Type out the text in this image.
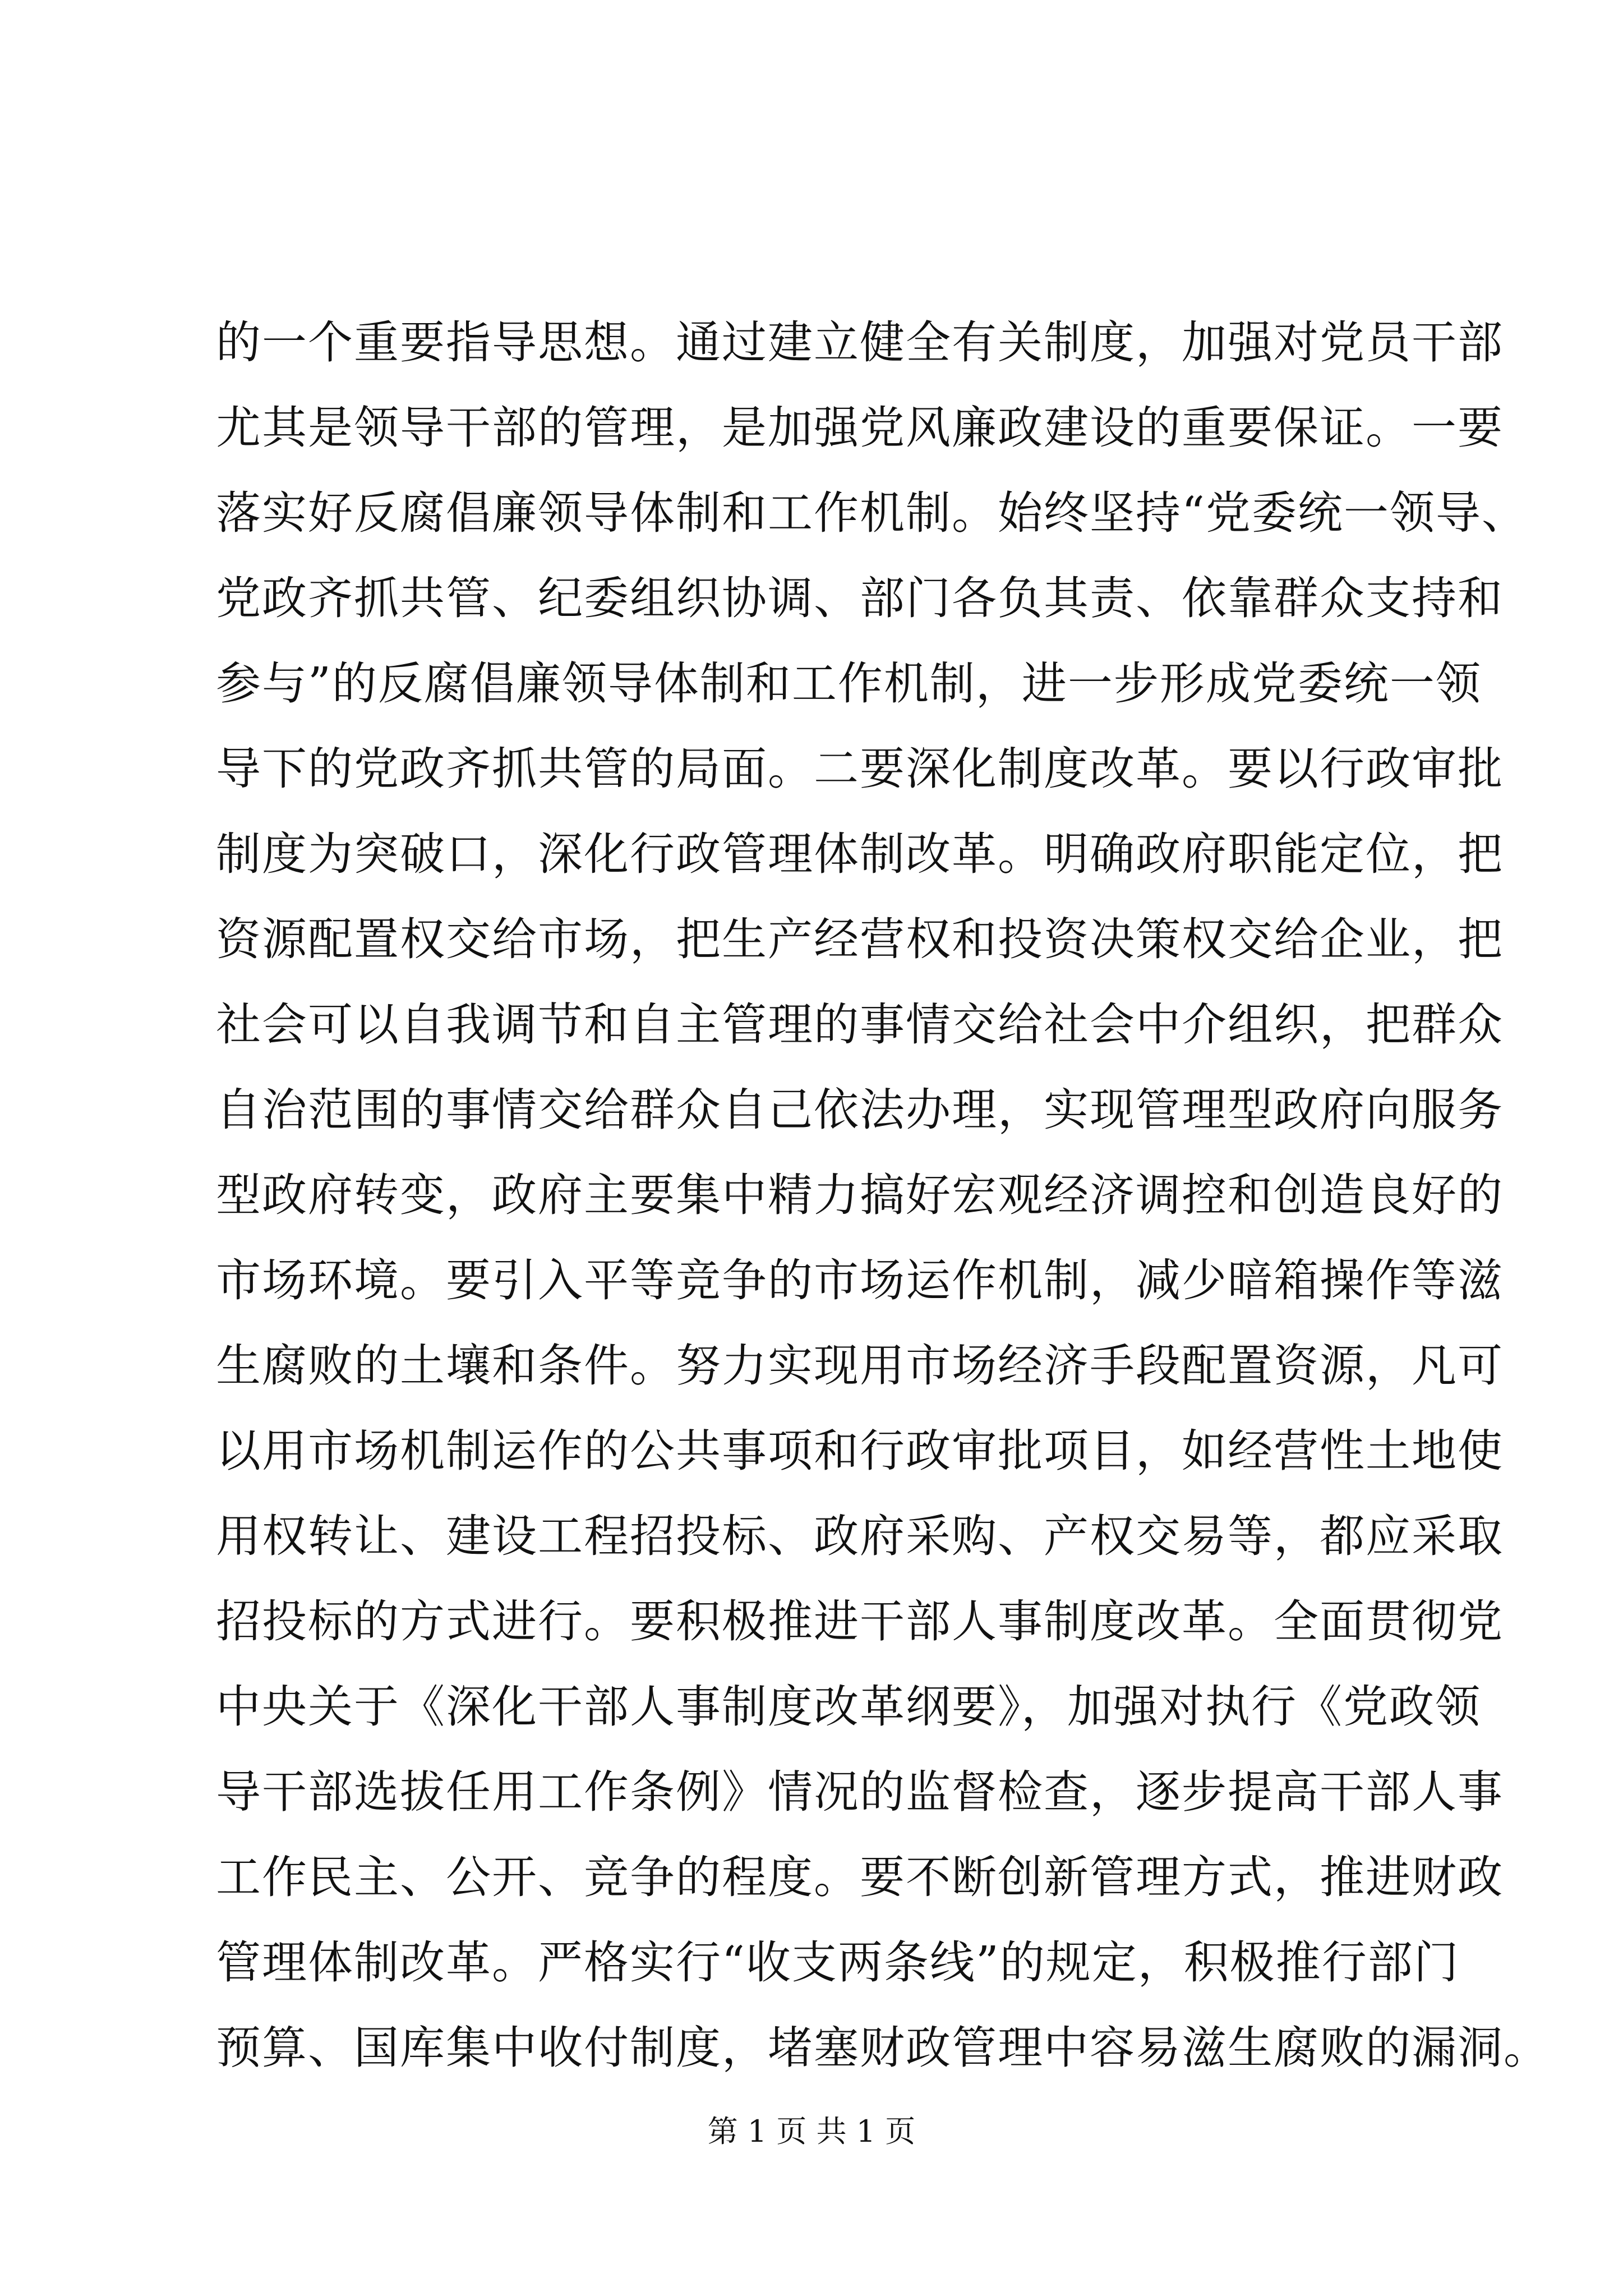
的一个重要指导思想。通过建立健全有关制度，加强对党员干部
尤其是领导干部的管理，是加强党风廉政建设的重要保证。一要
落实好反腐倡廉领导体制和工作机制。始终坚持“党委统一领导、
党政齐抓共管、纪委组织协调、部门各负其责、依靠群众支持和
参与”的反腐倡廉领导体制和工作机制，进一步形成党委统一领
导下的党政齐抓共管的局面。二要深化制度改革。要以行政审批
制度为突破口，深化行政管理体制改革。明确政府职能定位，把
资源配置权交给市场，把生产经营权和投资决策权交给企业，把
社会可以自我调节和自主管理的事情交给社会中介组织，把群众
自治范围的事情交给群众自己依法办理，实现管理型政府向服务
型政府转变，政府主要集中精力搞好宏观经济调控和创造良好的
市场环境。要引入平等竞争的市场运作机制，减少暗箱操作等滋
生腐败的土壤和条件。努力实现用市场经济手段配置资源，凡可
以用市场机制运作的公共事项和行政审批项目，如经营性土地使
用权转让、建设工程招投标、政府采购、产权交易等，都应采取
招投标的方式进行。要积极推进干部人事制度改革。全面贯彻党
中央关于《深化干部人事制度改革纲要》，加强对执行《党政领
导干部选拔任用工作条例》情况的监督检查，逐步提高干部人事
工作民主、公开、竞争的程度。要不断创新管理方式，推进财政
管理体制改革。严格实行“收支两条线”的规定，积极推行部门
预算、国库集中收付制度，堵塞财政管理中容易滋生腐败的漏洞。
第 1 页 共 1 页
